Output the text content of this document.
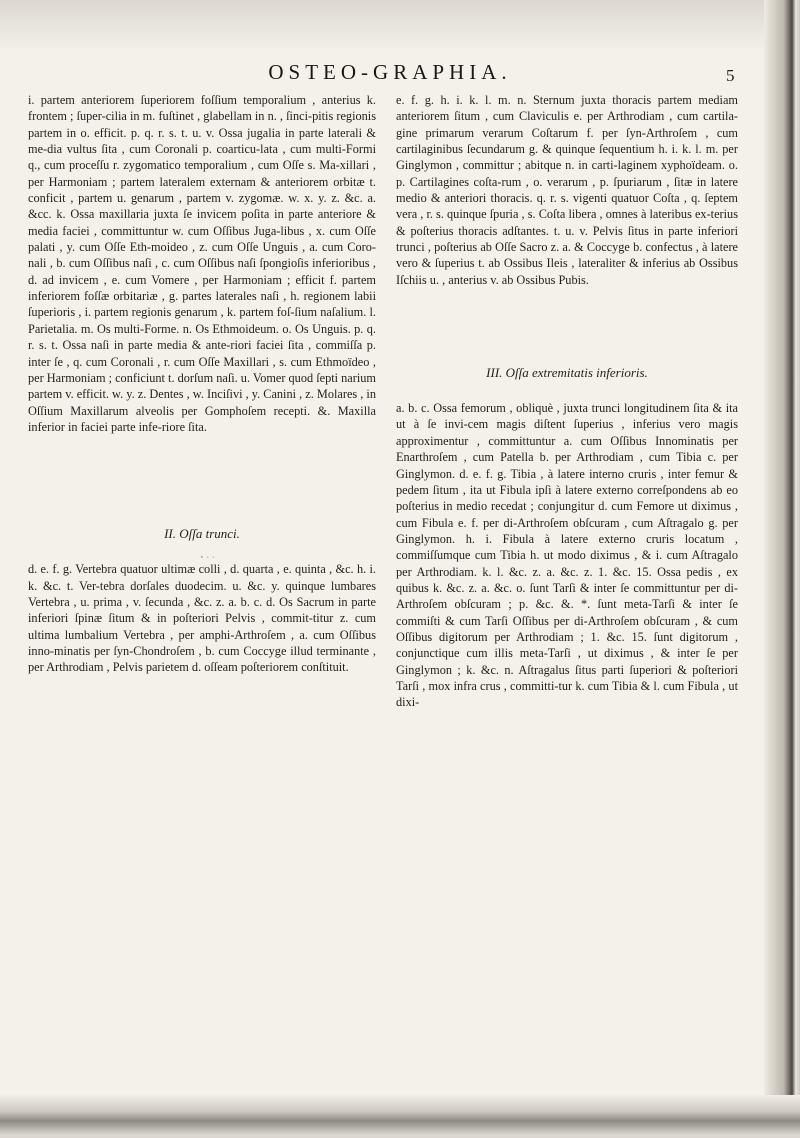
OSTEO-GRAPHIA.	5

i. partem anteriorem ſuperiorem foſſium temporalium , anterius k. frontem ; ſuper-cilia in m. fuſtinet , glabellam in n. , ſinci-pitis regionis partem in o. efficit. p. q. r. s. t. u. v. Ossa jugalia in parte laterali & me-dia vultus ſita , cum Coronali p. coarticu-lata , cum multi-Formi q., cum proceſſu r. zygomatico temporalium , cum Oſſe s. Ma-xillari , per Harmoniam ; partem lateralem externam & anteriorem orbitæ t. conficit , partem u. genarum , partem v. zygomæ. w. x. y. z. &c. a. &cc. k. Ossa maxillaria juxta ſe invicem poſita in parte anteriore & media faciei , committuntur w. cum Oſſibus Juga-libus , x. cum Oſſe palati , y. cum Oſſe Eth-moideo , z. cum Oſſe Unguis , a. cum Coro-nali , b. cum Oſſibus naſi , c. cum Oſſibus naſi ſpongioſis inferioribus , d. ad invicem , e. cum Vomere , per Harmoniam ; efficit f. partem inferiorem foſſæ orbitariæ , g. partes laterales naſi , h. regionem labii ſuperioris , i. partem regionis genarum , k. partem foſ-ſium naſalium. l. Parietalia. m. Os multi-Forme. n. Os Ethmoideum. o. Os Unguis. p. q. r. s. t. Ossa naſi in parte media & ante-riori faciei ſita , commiſſa p. inter ſe , q. cum Coronali , r. cum Oſſe Maxillari , s. cum Ethmoïdeo , per Harmoniam ; conficiunt t. dorſum naſi. u. Vomer quod ſepti narium partem v. efficit. w. y. z. Dentes , w. Inciſivi , y. Canini , z. Molares , in Oſſium Maxillarum alveolis per Gomphoſem recepti. &. Maxilla inferior in faciei parte infe-riore ſita.

II. Oſſa trunci.

d. e. f. g. Vertebra quatuor ultimæ colli , d. quarta , e. quinta , &c. h. i. k. &c. t. Ver-tebra dorſales duodecim. u. &c. y. quinque lumbares Vertebra , u. prima , v. ſecunda , &c. z. a. b. c. d. Os Sacrum in parte inferiori ſpinæ ſitum & in poſteriori Pelvis , commit-titur z. cum ultima lumbalium Vertebra , per amphi-Arthroſem , a. cum Oſſibus inno-minatis per ſyn-Chondroſem , b. cum Coccyge illud terminante , per Arthrodiam , Pelvis parietem d. oſſeam poſteriorem conſtituit.

ꞏ·∙

e. f. g. h. i. k. l. m. n. Sternum juxta thoracis partem mediam anteriorem ſitum , cum Claviculis e. per Arthrodiam , cum cartila-gine primarum verarum Coſtarum f. per ſyn-Arthroſem , cum cartilaginibus ſecundarum g. & quinque ſequentium h. i. k. l. m. per Ginglymon , committur ; abitque n. in carti-laginem xyphoïdeam. o. p. Cartilagines coſta-rum , o. verarum , p. ſpuriarum , ſitæ in latere medio & anteriori thoracis. q. r. s. vigenti quatuor Coſta , q. ſeptem vera , r. s. quinque ſpuria , s. Coſta libera , omnes à lateribus ex-terius & poſterius thoracis adſtantes. t. u. v. Pelvis ſitus in parte inferiori trunci , poſterius ab Oſſe Sacro z. a. & Coccyge b. confectus , à latere vero & ſuperius t. ab Ossibus Ileis , lateraliter & inferius ab Ossibus Iſchiis u. , anterius v. ab Ossibus Pubis.

III. Oſſa extremitatis inferioris.

a. b. c. Ossa femorum , obliquè , juxta trunci longitudinem ſita & ita ut à ſe invi-cem magis diſtent ſuperius , inferius vero magis approximentur , committuntur a. cum Oſſibus Innominatis per Enarthroſem , cum Patella b. per Arthrodiam , cum Tibia c. per Ginglymon. d. e. f. g. Tibia , à latere interno cruris , inter femur & pedem ſitum , ita ut Fibula ipſi à latere externo correſpondens ab eo poſterius in medio recedat ; conjungitur d. cum Femore ut diximus , cum Fibula e. f. per di-Arthroſem obſcuram , cum Aſtragalo g. per Ginglymon. h. i. Fibula à latere externo cruris locatum , commiſſumque cum Tibia h. ut modo diximus , & i. cum Aſtragalo per Arthrodiam. k. l. &c. z. a. &c. z. 1. &c. 15. Ossa pedis , ex quibus k. &c. z. a. &c. o. ſunt Tarſi & inter ſe committuntur per di-Arthroſem obſcuram ; p. &c. &. *. ſunt meta-Tarſi & inter ſe commiſti & cum Tarſi Oſſibus per di-Arthroſem obſcuram , & cum Oſſibus digitorum per Arthrodiam ; 1. &c. 15. ſunt digitorum , conjunctique cum illis meta-Tarſi , ut diximus , & inter ſe per Ginglymon ; k. &c. n. Aſtragalus ſitus parti ſuperiori & poſteriori Tarſi , mox infra crus , committi-tur k. cum Tibia & l. cum Fibula , ut dixi-
